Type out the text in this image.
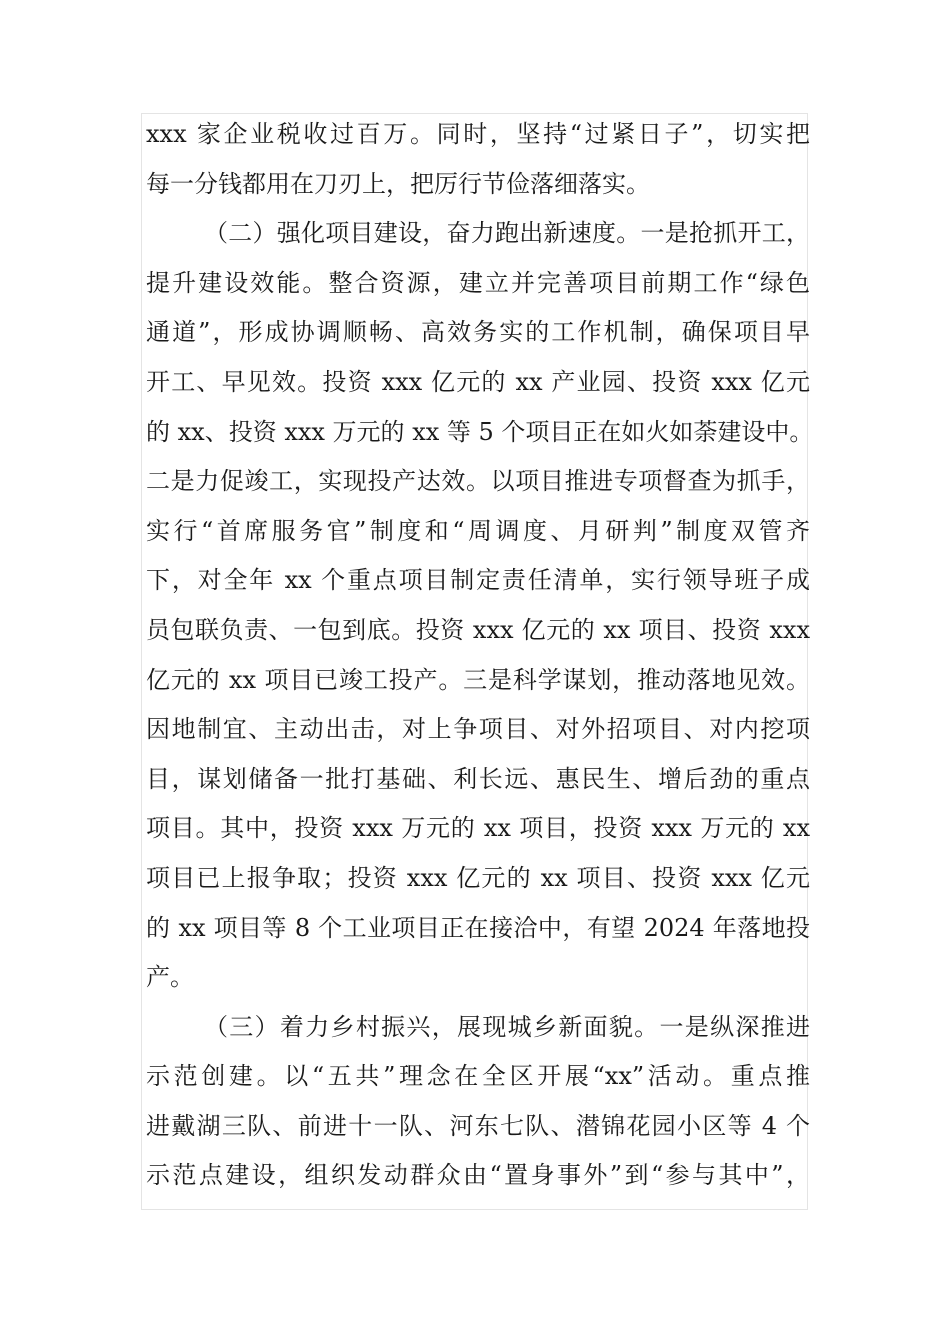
xxx 家企业税收过百万。同时，坚持“过紧日子”，切实把
每一分钱都用在刀刃上，把厉行节俭落细落实。
（二）强化项目建设，奋力跑出新速度。一是抢抓开工，
提升建设效能。整合资源，建立并完善项目前期工作“绿色
通道”，形成协调顺畅、高效务实的工作机制，确保项目早
开工、早见效。投资 xxx 亿元的 xx 产业园、投资 xxx 亿元
的 xx、投资 xxx 万元的 xx 等 5 个项目正在如火如荼建设中。
二是力促竣工，实现投产达效。以项目推进专项督查为抓手，
实行“首席服务官”制度和“周调度、月研判”制度双管齐
下，对全年 xx 个重点项目制定责任清单，实行领导班子成
员包联负责、一包到底。投资 xxx 亿元的 xx 项目、投资 xxx
亿元的 xx 项目已竣工投产。三是科学谋划，推动落地见效。
因地制宜、主动出击，对上争项目、对外招项目、对内挖项
目，谋划储备一批打基础、利长远、惠民生、增后劲的重点
项目。其中，投资 xxx 万元的 xx 项目，投资 xxx 万元的 xx
项目已上报争取；投资 xxx 亿元的 xx 项目、投资 xxx 亿元
的 xx 项目等 8 个工业项目正在接洽中，有望 2024 年落地投
产。
（三）着力乡村振兴，展现城乡新面貌。一是纵深推进
示范创建。以“五共”理念在全区开展“xx”活动。重点推
进戴湖三队、前进十一队、河东七队、潜锦花园小区等 4 个
示范点建设，组织发动群众由“置身事外”到“参与其中”，
